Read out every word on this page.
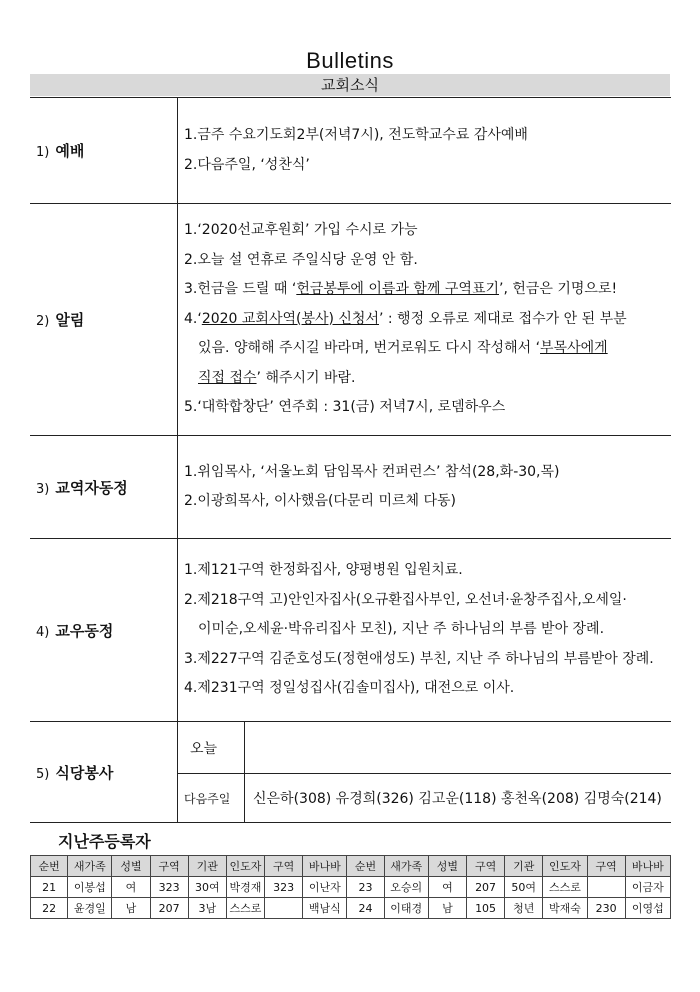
Bulletins
교회소식
1) 예배	
1.금주 수요기도회2부(저녁7시), 전도학교수료 감사예배
2.다음주일, ‘성찬식’

2) 알림	
1.‘2020선교후원회’ 가입 수시로 가능
2.오늘 설 연휴로 주일식당 운영 안 함.
3.헌금을 드릴 때 ‘헌금봉투에 이름과 함께 구역표기’, 헌금은 기명으로!
4.‘2020 교회사역(봉사) 신청서’ : 행정 오류로 제대로 접수가 안 된 부분
있음. 양해해 주시길 바라며, 번거로워도 다시 작성해서 ‘부목사에게
직접 접수’ 해주시기 바람.
5.‘대학합창단’ 연주회 : 31(금) 저녁7시, 로뎀하우스

3) 교역자동정	
1.위임목사, ‘서울노회 담임목사 컨퍼런스’ 참석(28,화-30,목)
2.이광희목사, 이사했음(다문리 미르체 다동)

4) 교우동정	
1.제121구역 한정화집사, 양평병원 입원치료.
2.제218구역 고)안인자집사(오규환집사부인, 오선녀·윤창주집사,오세일·
이미순,오세윤·박유리집사 모친), 지난 주 하나님의 부름 받아 장례.
3.제227구역 김준호성도(정현애성도) 부친, 지난 주 하나님의 부름받아 장례.
4.제231구역 정일성집사(김솔미집사), 대전으로 이사.

5) 식당봉사	
오늘	
다음주일	신은하(308) 유경희(326) 김고운(118) 홍천옥(208) 김명숙(214)
지난주등록자
순번	새가족	성별	구역	기관	인도자	구역	바나바	순번	새가족	성별	구역	기관	인도자	구역	바나바
21	이봉섭	여	323	30여	박경재	323	이난자	23	오승의	여	207	50여	스스로		이금자
22	윤경일	남	207	3남	스스로		백남식	24	이태경	남	105	청년	박재숙	230	이영섭
